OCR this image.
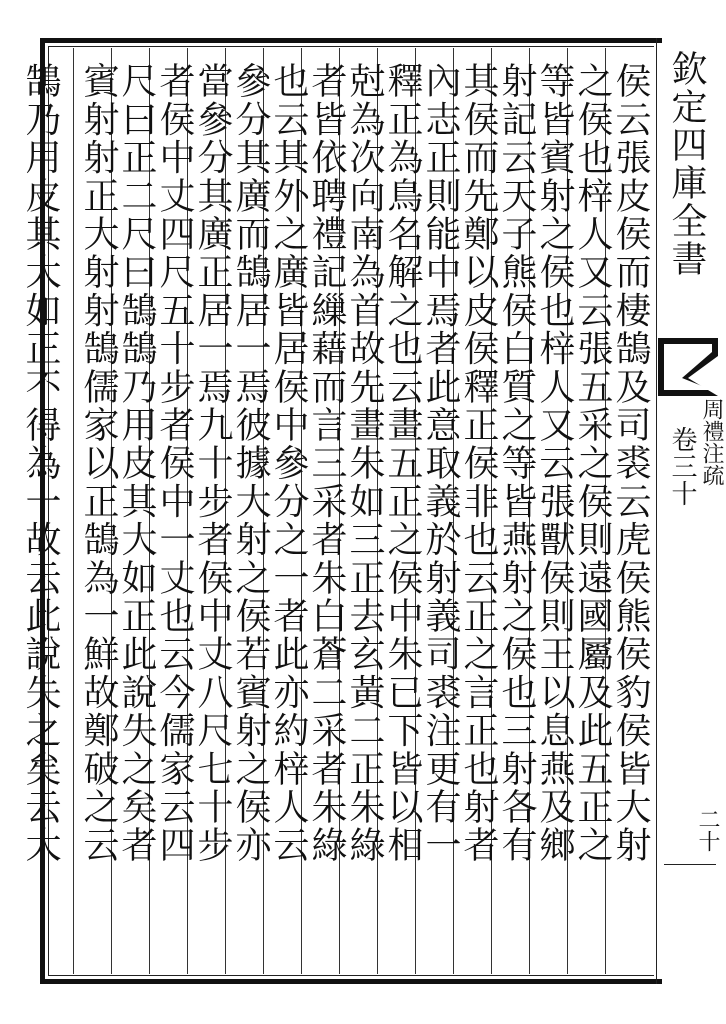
侯云張皮侯而棲鵠及司裘云虎侯熊侯豹侯皆大射
之侯也梓人又云張五采之侯則遠國屬及此五正之
等皆賓射之侯也梓人又云張獸侯則王以息燕及鄉
射記云天子熊侯白質之等皆燕射之侯也三射各有
其侯而先鄭以皮侯釋正侯非也云正之言正也射者
內志正則能中焉者此意取義於射義司裘注更有一
釋正為鳥名解之也云畫五正之侯中朱已下皆以相
尅為次向南為首故先畫朱如三正去玄黃二正朱綠
者皆依聘禮記繅藉而言三采者朱白蒼二采者朱綠
也云其外之廣皆居侯中參分之一者此亦約梓人云
參分其廣而鵠居一焉彼據大射之侯若賓射之侯亦
當參分其廣正居一焉九十步者侯中丈八尺七十步
者侯中丈四尺五十步者侯中一丈也云今儒家云四
尺曰正二尺曰鵠鵠乃用皮其大如正此說失之矣者
賓射射正大射射鵠儒家以正鵠為一鮮故鄭破之云
鵠乃用皮其大如正不得為一故云此說失之矣云大	欽定四庫全書
卷三十 周禮注疏
二十
